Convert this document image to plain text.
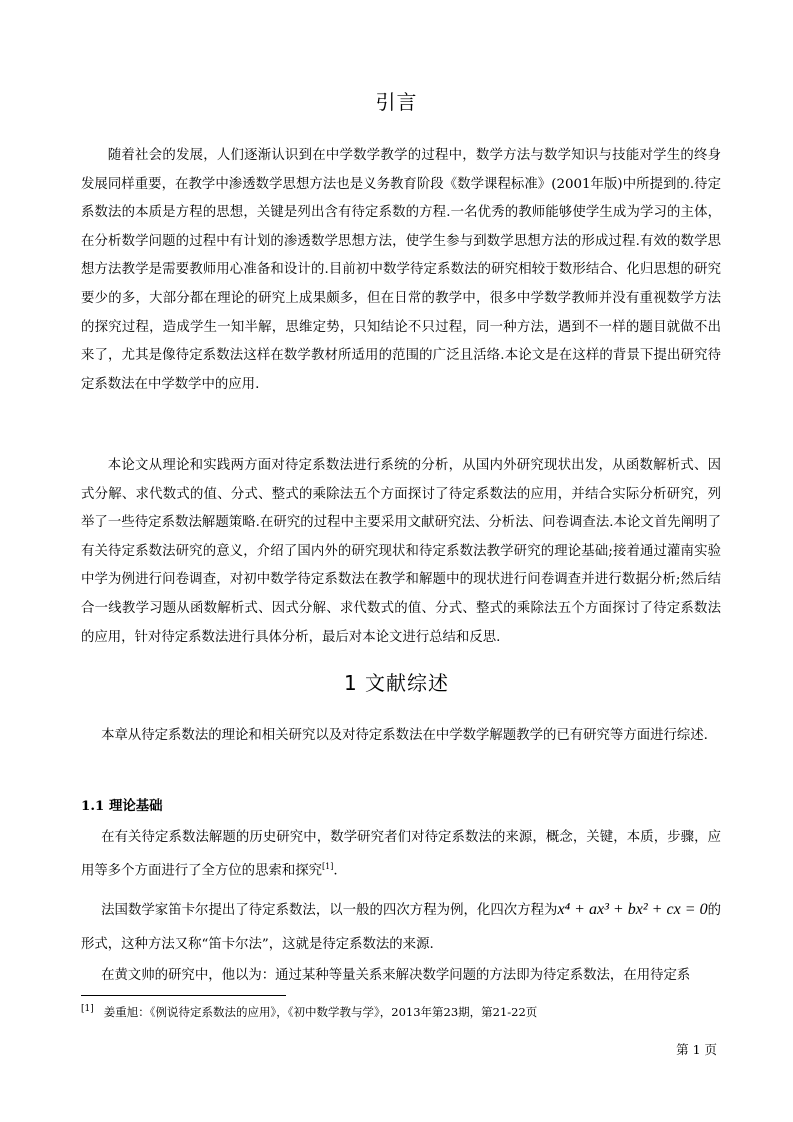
引言
随着社会的发展，人们逐渐认识到在中学数学教学的过程中，数学方法与数学知识与技能对学生的终身发展同样重要，在教学中渗透数学思想方法也是义务教育阶段《数学课程标准》(2001年版)中所提到的.待定系数法的本质是方程的思想，关键是列出含有待定系数的方程.一名优秀的教师能够使学生成为学习的主体，在分析数学问题的过程中有计划的渗透数学思想方法，使学生参与到数学思想方法的形成过程.有效的数学思想方法教学是需要教师用心准备和设计的.目前初中数学待定系数法的研究相较于数形结合、化归思想的研究要少的多，大部分都在理论的研究上成果颇多，但在日常的教学中，很多中学数学教师并没有重视数学方法的探究过程，造成学生一知半解，思维定势，只知结论不只过程，同一种方法，遇到不一样的题目就做不出来了，尤其是像待定系数法这样在数学教材所适用的范围的广泛且活络.本论文是在这样的背景下提出研究待定系数法在中学数学中的应用.
本论文从理论和实践两方面对待定系数法进行系统的分析，从国内外研究现状出发，从函数解析式、因式分解、求代数式的值、分式、整式的乘除法五个方面探讨了待定系数法的应用，并结合实际分析研究，列举了一些待定系数法解题策略.在研究的过程中主要采用文献研究法、分析法、问卷调查法.本论文首先阐明了有关待定系数法研究的意义，介绍了国内外的研究现状和待定系数法教学研究的理论基础;接着通过灌南实验中学为例进行问卷调查，对初中数学待定系数法在教学和解题中的现状进行问卷调查并进行数据分析;然后结合一线教学习题从函数解析式、因式分解、求代数式的值、分式、整式的乘除法五个方面探讨了待定系数法的应用，针对待定系数法进行具体分析，最后对本论文进行总结和反思.
1 文献综述
本章从待定系数法的理论和相关研究以及对待定系数法在中学数学解题教学的已有研究等方面进行综述.
1.1 理论基础
在有关待定系数法解题的历史研究中，数学研究者们对待定系数法的来源，概念，关键，本质，步骤，应用等多个方面进行了全方位的思索和探究[1].
法国数学家笛卡尔提出了待定系数法，以一般的四次方程为例，化四次方程为x⁴ + ax³ + bx² + cx = 0的形式，这种方法又称“笛卡尔法”，这就是待定系数法的来源.
在黄文帅的研究中，他以为：通过某种等量关系来解决数学问题的方法即为待定系数法，在用待定系
[1] 姜重旭：《例说待定系数法的应用》，《初中数学教与学》，2013年第23期，第21-22页
第 1 页
